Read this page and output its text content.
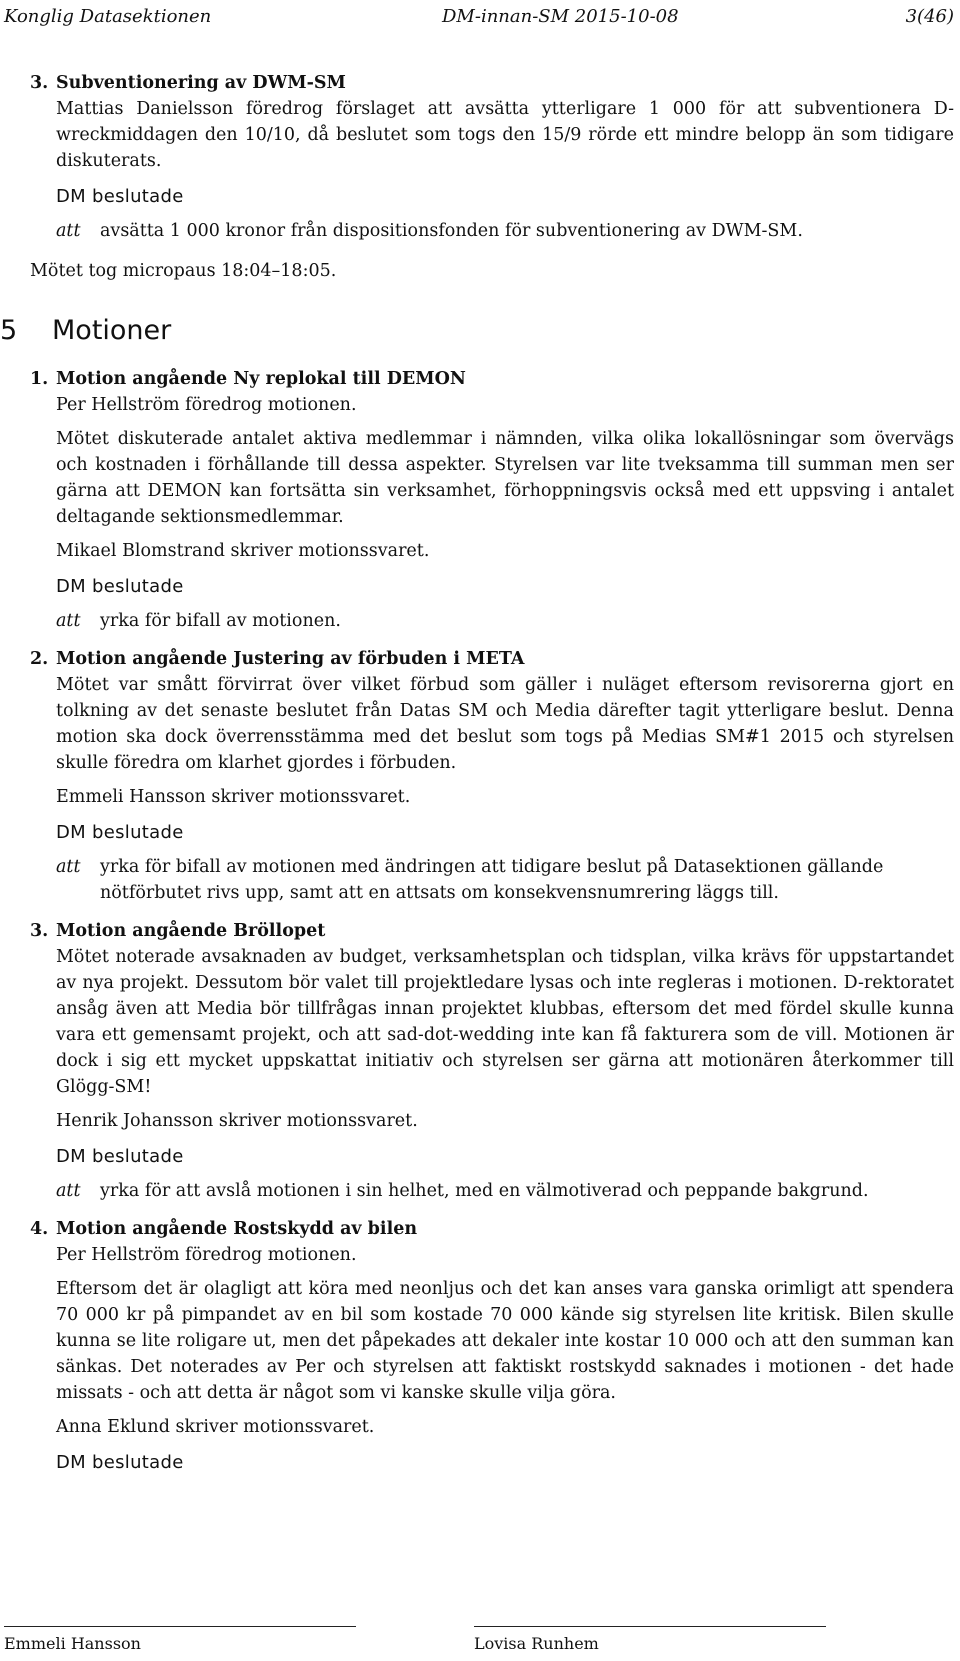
Konglig Datasektionen	DM-innan-SM 2015-10-08	3(46)
3. Subventionering av DWM-SM

Mattias Danielsson föredrog förslaget att avsätta ytterligare 1 000 för att subventionera D-wreckmiddagen den 10/10, då beslutet som togs den 15/9 rörde ett mindre belopp än som tidigare diskuterats.

DM beslutade
att avsätta 1 000 kronor från dispositionsfonden för subventionering av DWM-SM.

Mötet tog micropaus 18:04–18:05.

5 Motioner
1. Motion angående Ny replokal till DEMON

Per Hellström föredrog motionen.

Mötet diskuterade antalet aktiva medlemmar i nämnden, vilka olika lokallösningar som övervägs och kostnaden i förhållande till dessa aspekter. Styrelsen var lite tveksamma till summan men ser gärna att DEMON kan fortsätta sin verksamhet, förhoppningsvis också med ett uppsving i antalet deltagande sektionsmedlemmar.

Mikael Blomstrand skriver motionssvaret.

DM beslutade
att yrka för bifall av motionen.
2. Motion angående Justering av förbuden i META

Mötet var smått förvirrat över vilket förbud som gäller i nuläget eftersom revisorerna gjort en tolkning av det senaste beslutet från Datas SM och Media därefter tagit ytterligare beslut. Denna motion ska dock överrensstämma med det beslut som togs på Medias SM#1 2015 och styrelsen skulle föredra om klarhet gjordes i förbuden.

Emmeli Hansson skriver motionssvaret.

DM beslutade
att yrka för bifall av motionen med ändringen att tidigare beslut på Datasektionen gällande nötförbutet rivs upp, samt att en attsats om konsekvensnumrering läggs till.
3. Motion angående Bröllopet

Mötet noterade avsaknaden av budget, verksamhetsplan och tidsplan, vilka krävs för uppstartandet av nya projekt. Dessutom bör valet till projektledare lysas och inte regleras i motionen. D-rektoratet ansåg även att Media bör tillfrågas innan projektet klubbas, eftersom det med fördel skulle kunna vara ett gemensamt projekt, och att sad-dot-wedding inte kan få fakturera som de vill. Motionen är dock i sig ett mycket uppskattat initiativ och styrelsen ser gärna att motionären återkommer till Glögg-SM!

Henrik Johansson skriver motionssvaret.

DM beslutade
att yrka för att avslå motionen i sin helhet, med en välmotiverad och peppande bakgrund.
4. Motion angående Rostskydd av bilen

Per Hellström föredrog motionen.

Eftersom det är olagligt att köra med neonljus och det kan anses vara ganska orimligt att spendera 70 000 kr på pimpandet av en bil som kostade 70 000 kände sig styrelsen lite kritisk. Bilen skulle kunna se lite roligare ut, men det påpekades att dekaler inte kostar 10 000 och att den summan kan sänkas. Det noterades av Per och styrelsen att faktiskt rostskydd saknades i motionen - det hade missats - och att detta är något som vi kanske skulle vilja göra.

Anna Eklund skriver motionssvaret.

DM beslutade
Emmeli Hansson	Lovisa Runhem
